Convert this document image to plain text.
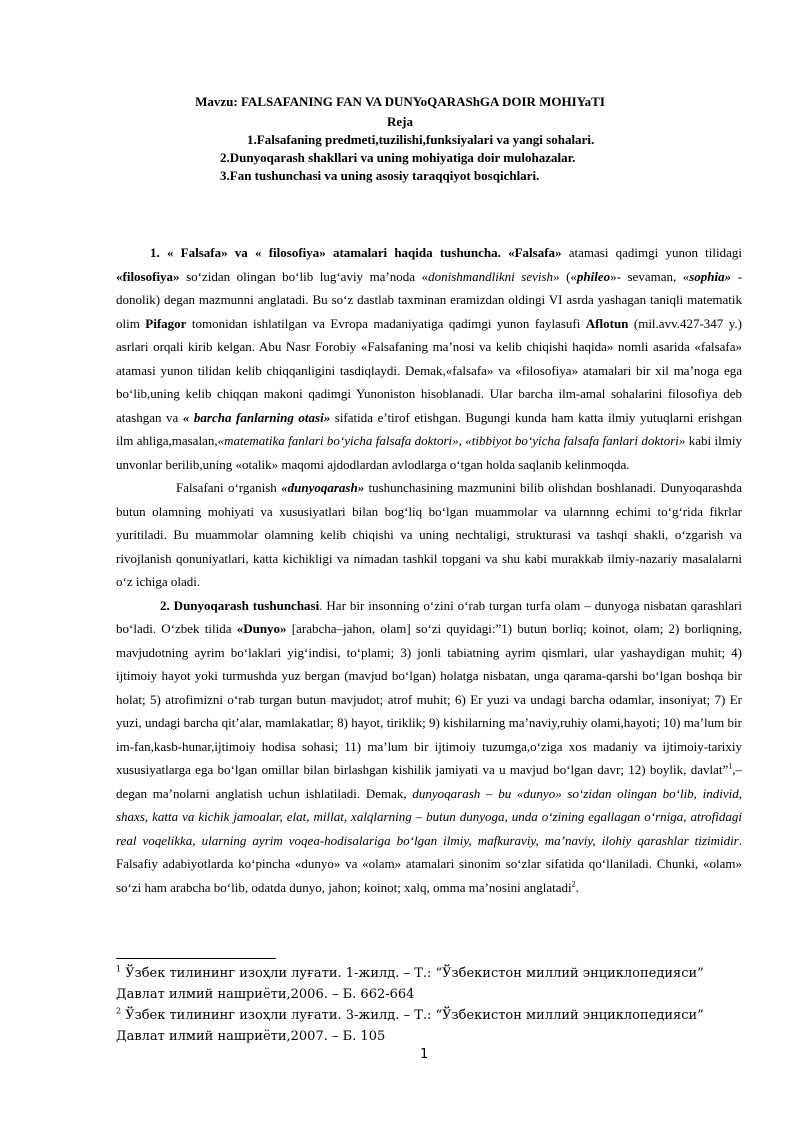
Mavzu: FALSAFANING FAN VA DUNYoQARAShGA DOIR MOHIYaTI
Reja
1.Falsafaning predmeti,tuzilishi,funksiyalari va yangi sohalari.
2.Dunyoqarash shakllari va uning mohiyatiga doir mulohazalar.
3.Fan tushunchasi va uning asosiy taraqqiyot bosqichlari.

1. « Falsafa» va « filosofiya» atamalari haqida tushuncha. «Falsafa» atamasi qadimgi yunon tilidagi «filosofiya» so‘zidan olingan bo‘lib lug‘aviy ma’noda «donishmandlikni sevish» («phileo»- sevaman, «sophia» - donolik) degan mazmunni anglatadi. Bu so‘z dastlab taxminan eramizdan oldingi VI asrda yashagan taniqli matematik olim Pifagor tomonidan ishlatilgan va Evropa madaniyatiga qadimgi yunon faylasufi Aflotun (mil.avv.427-347 y.) asrlari orqali kirib kelgan. Abu Nasr Forobiy «Falsafaning ma’nosi va kelib chiqishi haqida» nomli asarida «falsafa» atamasi yunon tilidan kelib chiqqanligini tasdiqlaydi. Demak,«falsafa» va «filosofiya» atamalari bir xil ma’noga ega bo‘lib,uning kelib chiqqan makoni qadimgi Yunoniston hisoblanadi. Ular barcha ilm-amal sohalarini filosofiya deb atashgan va « barcha fanlarning otasi» sifatida e’tirof etishgan. Bugungi kunda ham katta ilmiy yutuqlarni erishgan ilm ahliga,masalan,«matematika fanlari bo‘yicha falsafa doktori», «tibbiyot bo‘yicha falsafa fanlari doktori» kabi ilmiy unvonlar berilib,uning «otalik» maqomi ajdodlardan avlodlarga o‘tgan holda saqlanib kelinmoqda.

Falsafani o‘rganish «dunyoqarash» tushunchasining mazmunini bilib olishdan boshlanadi. Dunyoqarashda butun olamning mohiyati va xususiyatlari bilan bog‘liq bo‘lgan muammolar va ularnnng echimi to‘g‘rida fikrlar yuritiladi. Bu muammolar olamning kelib chiqishi va uning nechtaligi, strukturasi va tashqi shakli, o‘zgarish va rivojlanish qonuniyatlari, katta kichikligi va nimadan tashkil topgani va shu kabi murakkab ilmiy-nazariy masalalarni o‘z ichiga oladi.

2. Dunyoqarash tushunchasi. Har bir insonning o‘zini o‘rab turgan turfa olam – dunyoga nisbatan qarashlari bo‘ladi. O‘zbek tilida «Dunyo» [arabcha–jahon, olam] so‘zi quyidagi:”1) butun borliq; koinot, olam; 2) borliqning, mavjudotning ayrim bo‘laklari yig‘indisi, to‘plami; 3) jonli tabiatning ayrim qismlari, ular yashaydigan muhit; 4) ijtimoiy hayot yoki turmushda yuz bergan (mavjud bo‘lgan) holatga nisbatan, unga qarama-qarshi bo‘lgan boshqa bir holat; 5) atrofimizni o‘rab turgan butun mavjudot; atrof muhit; 6) Er yuzi va undagi barcha odamlar, insoniyat; 7) Er yuzi, undagi barcha qit’alar, mamlakatlar; 8) hayot, tiriklik; 9) kishilarning ma’naviy,ruhiy olami,hayoti; 10) ma’lum bir im-fan,kasb-hunar,ijtimoiy hodisa sohasi; 11) ma’lum bir ijtimoiy tuzumga,o‘ziga xos madaniy va ijtimoiy-tarixiy xususiyatlarga ega bo‘lgan omillar bilan birlashgan kishilik jamiyati va u mavjud bo‘lgan davr; 12) boylik, davlat”$^1$,– degan ma’nolarni anglatish uchun ishlatiladi. Demak, dunyoqarash – bu «dunyo» so‘zidan olingan bo‘lib, individ, shaxs, katta va kichik jamoalar, elat, millat, xalqlarning – butun dunyoga, unda o‘zining egallagan o‘rniga, atrofidagi real voqelikka, ularning ayrim voqea-hodisalariga bo‘lgan ilmiy, mafkuraviy, ma’naviy, ilohiy qarashlar tizimidir. Falsafiy adabiyotlarda ko‘pincha «dunyo» va «olam» atamalari sinonim so‘zlar sifatida qo‘llaniladi. Chunki, «olam» so‘zi ham arabcha bo‘lib, odatda dunyo, jahon; koinot; xalq, omma ma’nosini anglatadi$^2$.

$^1$ Ўзбек тилининг изоҳли луғати. 1-жилд. – Т.: “Ўзбекистон миллий энциклопедияси” Давлат илмий нашриёти,2006. – Б. 662-664
$^2$ Ўзбек тилининг изоҳли луғати. 3-жилд. – Т.: “Ўзбекистон миллий энциклопедияси” Давлат илмий нашриёти,2007. – Б. 105
1
